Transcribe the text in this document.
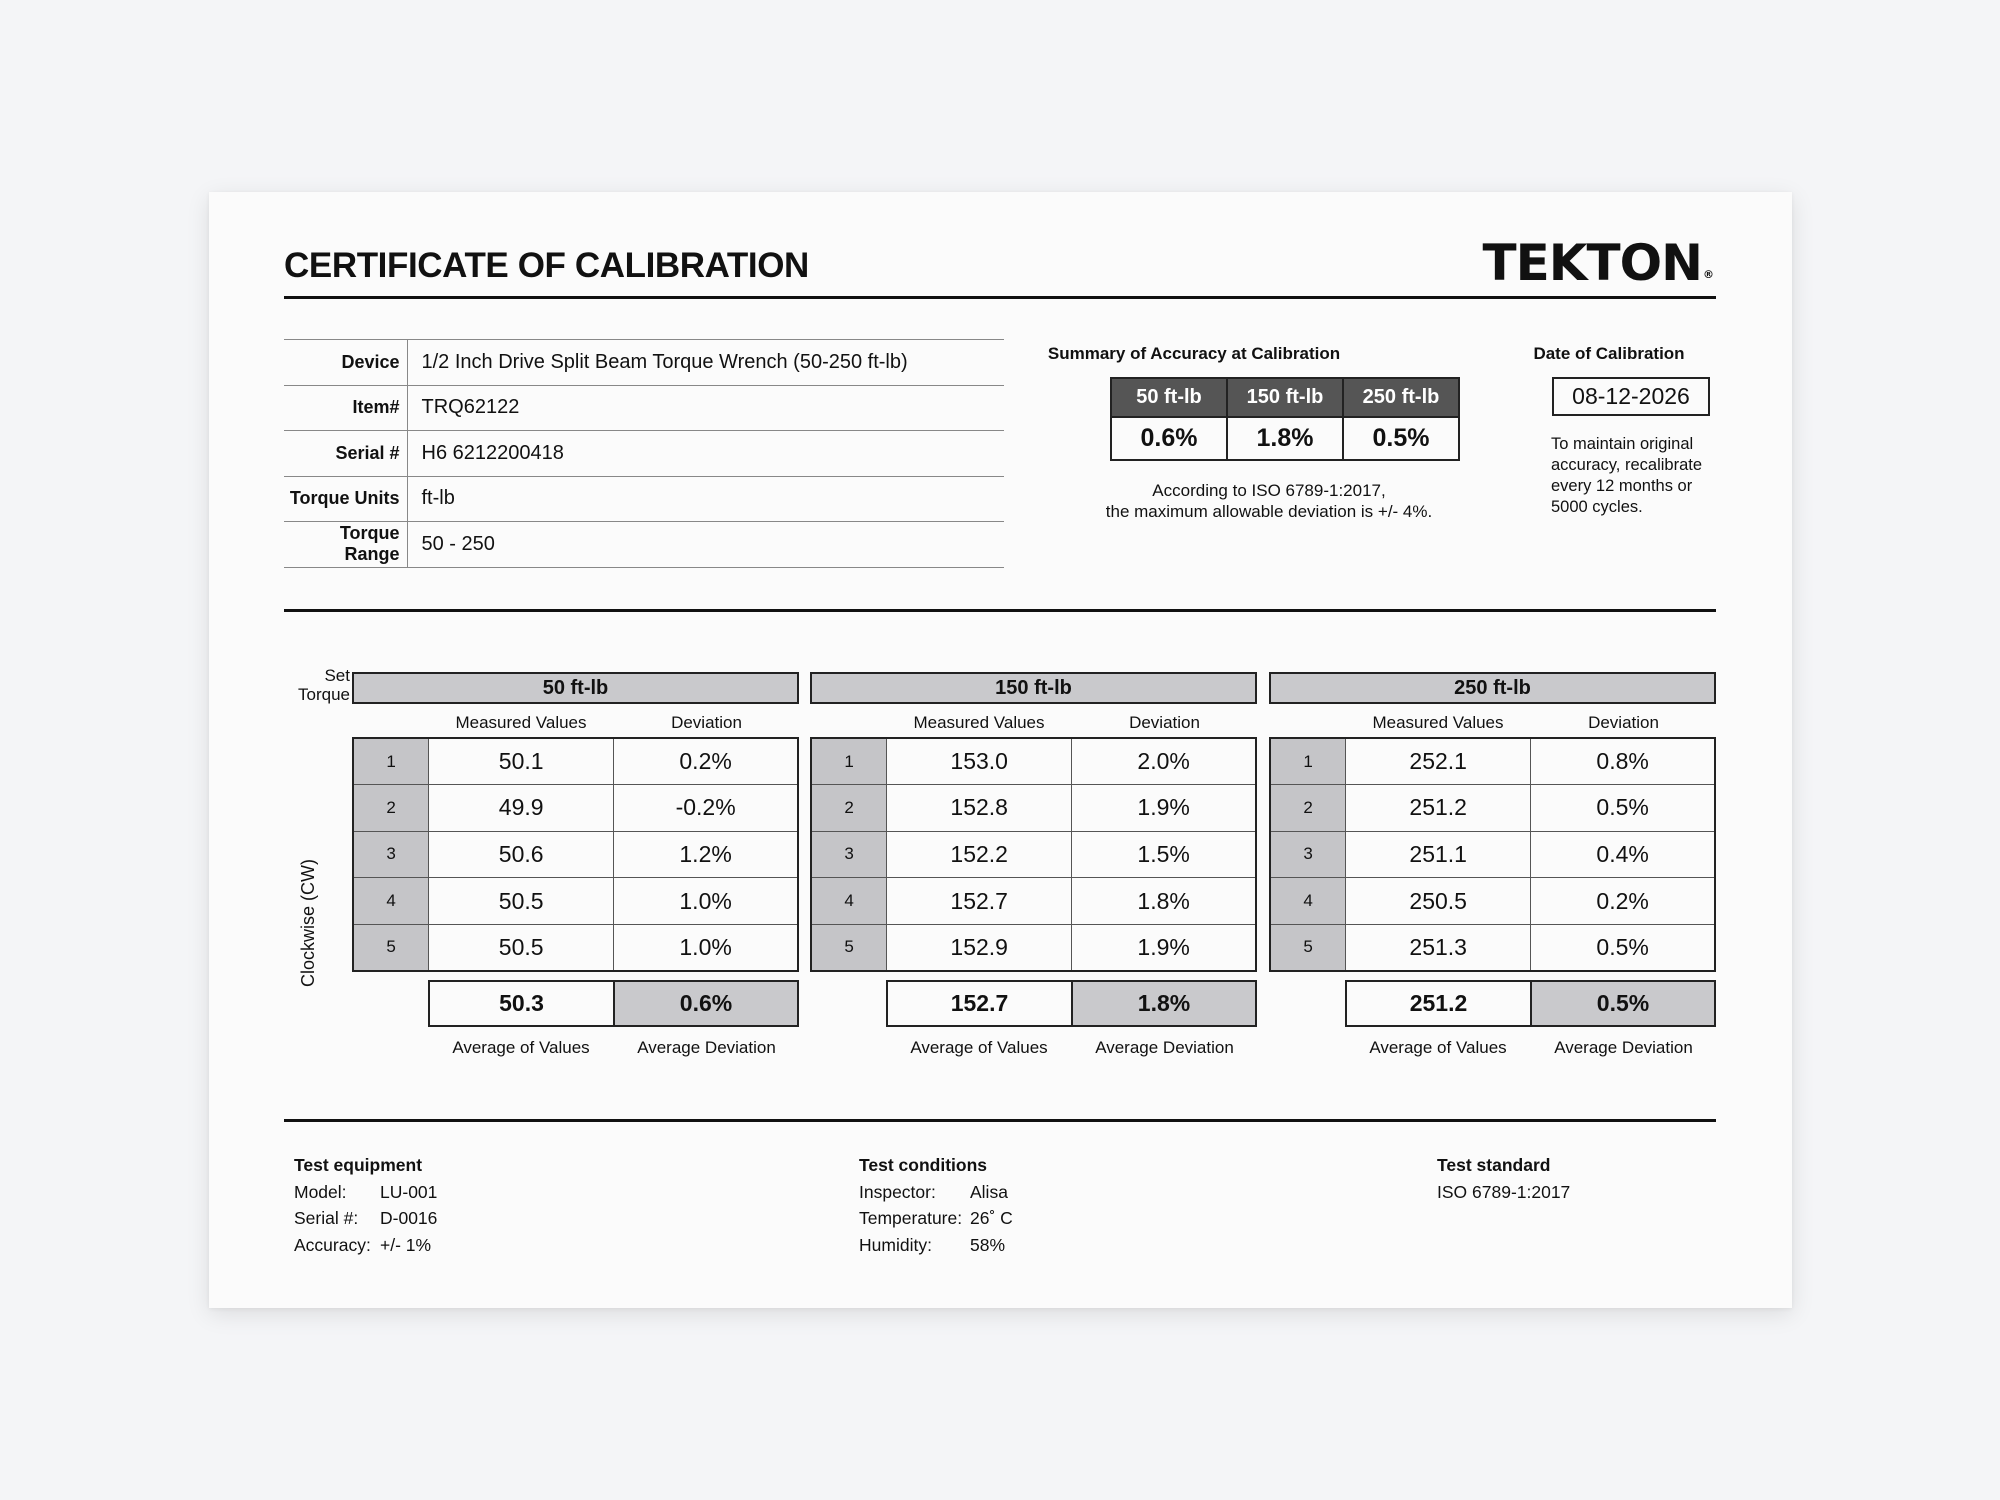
CERTIFICATE OF CALIBRATION	TEKTON ®
Device	1/2 Inch Drive Split Beam Torque Wrench (50-250 ft-lb)
Item#	TRQ62122
Serial #	H6 6212200418
Torque Units	ft-lb
Torque Range	50 - 250
Summary of Accuracy at Calibration
50 ft-lb	150 ft-lb	250 ft-lb
0.6%	1.8%	0.5%
According to ISO 6789-1:2017,
the maximum allowable deviation is +/- 4%.
Date of Calibration
08-12-2026
To maintain original
accuracy, recalibrate
every 12 months or
5000 cycles.
Set
Torque
Clockwise (CW)
50 ft-lb
Measured Values	Deviation
1	50.1	0.2%
2	49.9	-0.2%
3	50.6	1.2%
4	50.5	1.0%
5	50.5	1.0%
50.3	0.6%
Average of Values	Average Deviation
150 ft-lb
Measured Values	Deviation
1	153.0	2.0%
2	152.8	1.9%
3	152.2	1.5%
4	152.7	1.8%
5	152.9	1.9%
152.7	1.8%
Average of Values	Average Deviation
250 ft-lb
Measured Values	Deviation
1	252.1	0.8%
2	251.2	0.5%
3	251.1	0.4%
4	250.5	0.2%
5	251.3	0.5%
251.2	0.5%
Average of Values	Average Deviation
Test equipment
Model:	LU-001
Serial #:	D-0016
Accuracy: +/- 1%
Test conditions
Inspector:	Alisa
Temperature: 26˚ C
Humidity:	58%
Test standard
ISO 6789-1:2017
